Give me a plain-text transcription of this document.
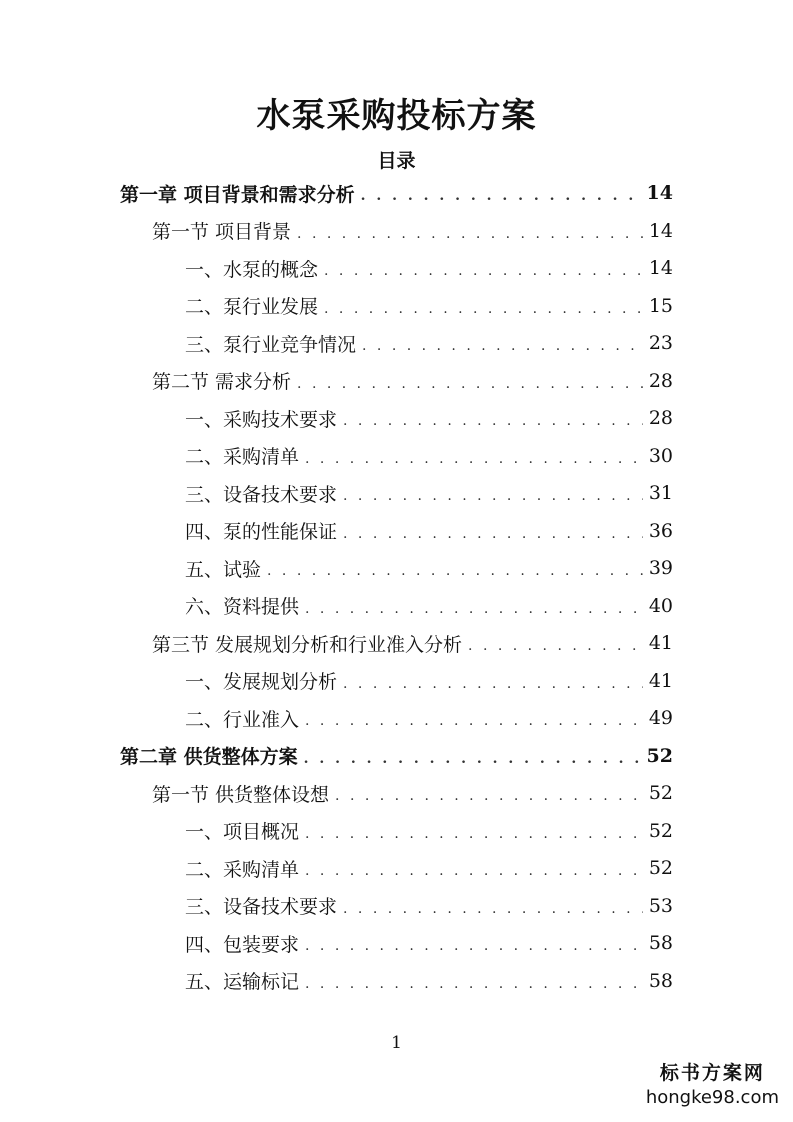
水泵采购投标方案
目录
第一章 项目背景和需求分析 . . .	14
第一节 项目背景 . . .	14
一、水泵的概念 . . .	14
二、泵行业发展 . . .	15
三、泵行业竞争情况 . . .	23
第二节 需求分析 . . .	28
一、采购技术要求 . . .	28
二、采购清单 . . .	30
三、设备技术要求 . . .	31
四、泵的性能保证 . . .	36
五、试验 . . .	39
六、资料提供 . . .	40
第三节 发展规划分析和行业准入分析 . . .	41
一、发展规划分析 . . .	41
二、行业准入 . . .	49
第二章 供货整体方案 . . .	52
第一节 供货整体设想 . . .	52
一、项目概况 . . .	52
二、采购清单 . . .	52
三、设备技术要求 . . .	53
四、包装要求 . . .	58
五、运输标记 . . .	58
1
标书方案网
hongke98.com
